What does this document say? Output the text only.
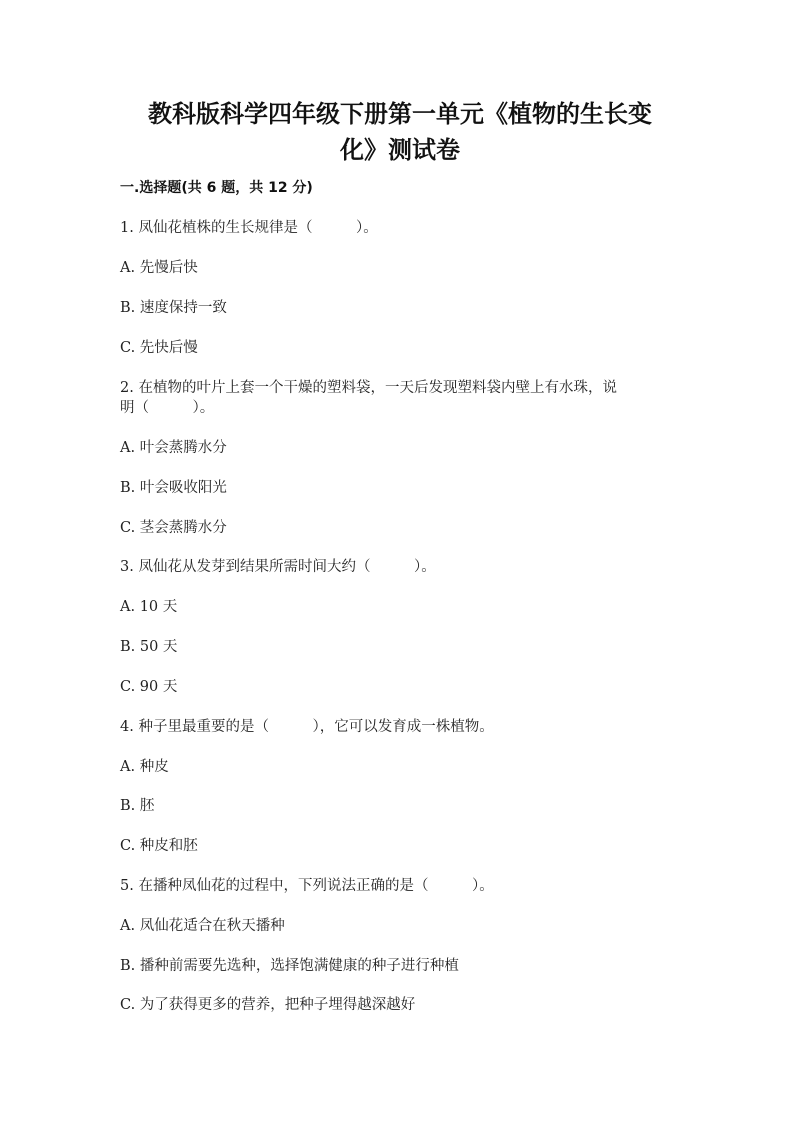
教科版科学四年级下册第一单元《植物的生长变
化》测试卷
一.选择题(共 6 题，共 12 分)
1. 凤仙花植株的生长规律是（　　　）。
A. 先慢后快
B. 速度保持一致
C. 先快后慢
2. 在植物的叶片上套一个干燥的塑料袋，一天后发现塑料袋内壁上有水珠，说
明（　　　）。
A. 叶会蒸腾水分
B. 叶会吸收阳光
C. 茎会蒸腾水分
3. 凤仙花从发芽到结果所需时间大约（　　　）。
A. 10 天
B. 50 天
C. 90 天
4. 种子里最重要的是（　　　），它可以发育成一株植物。
A. 种皮
B. 胚
C. 种皮和胚
5. 在播种凤仙花的过程中，下列说法正确的是（　　　）。
A. 凤仙花适合在秋天播种
B. 播种前需要先选种，选择饱满健康的种子进行种植
C. 为了获得更多的营养，把种子埋得越深越好
